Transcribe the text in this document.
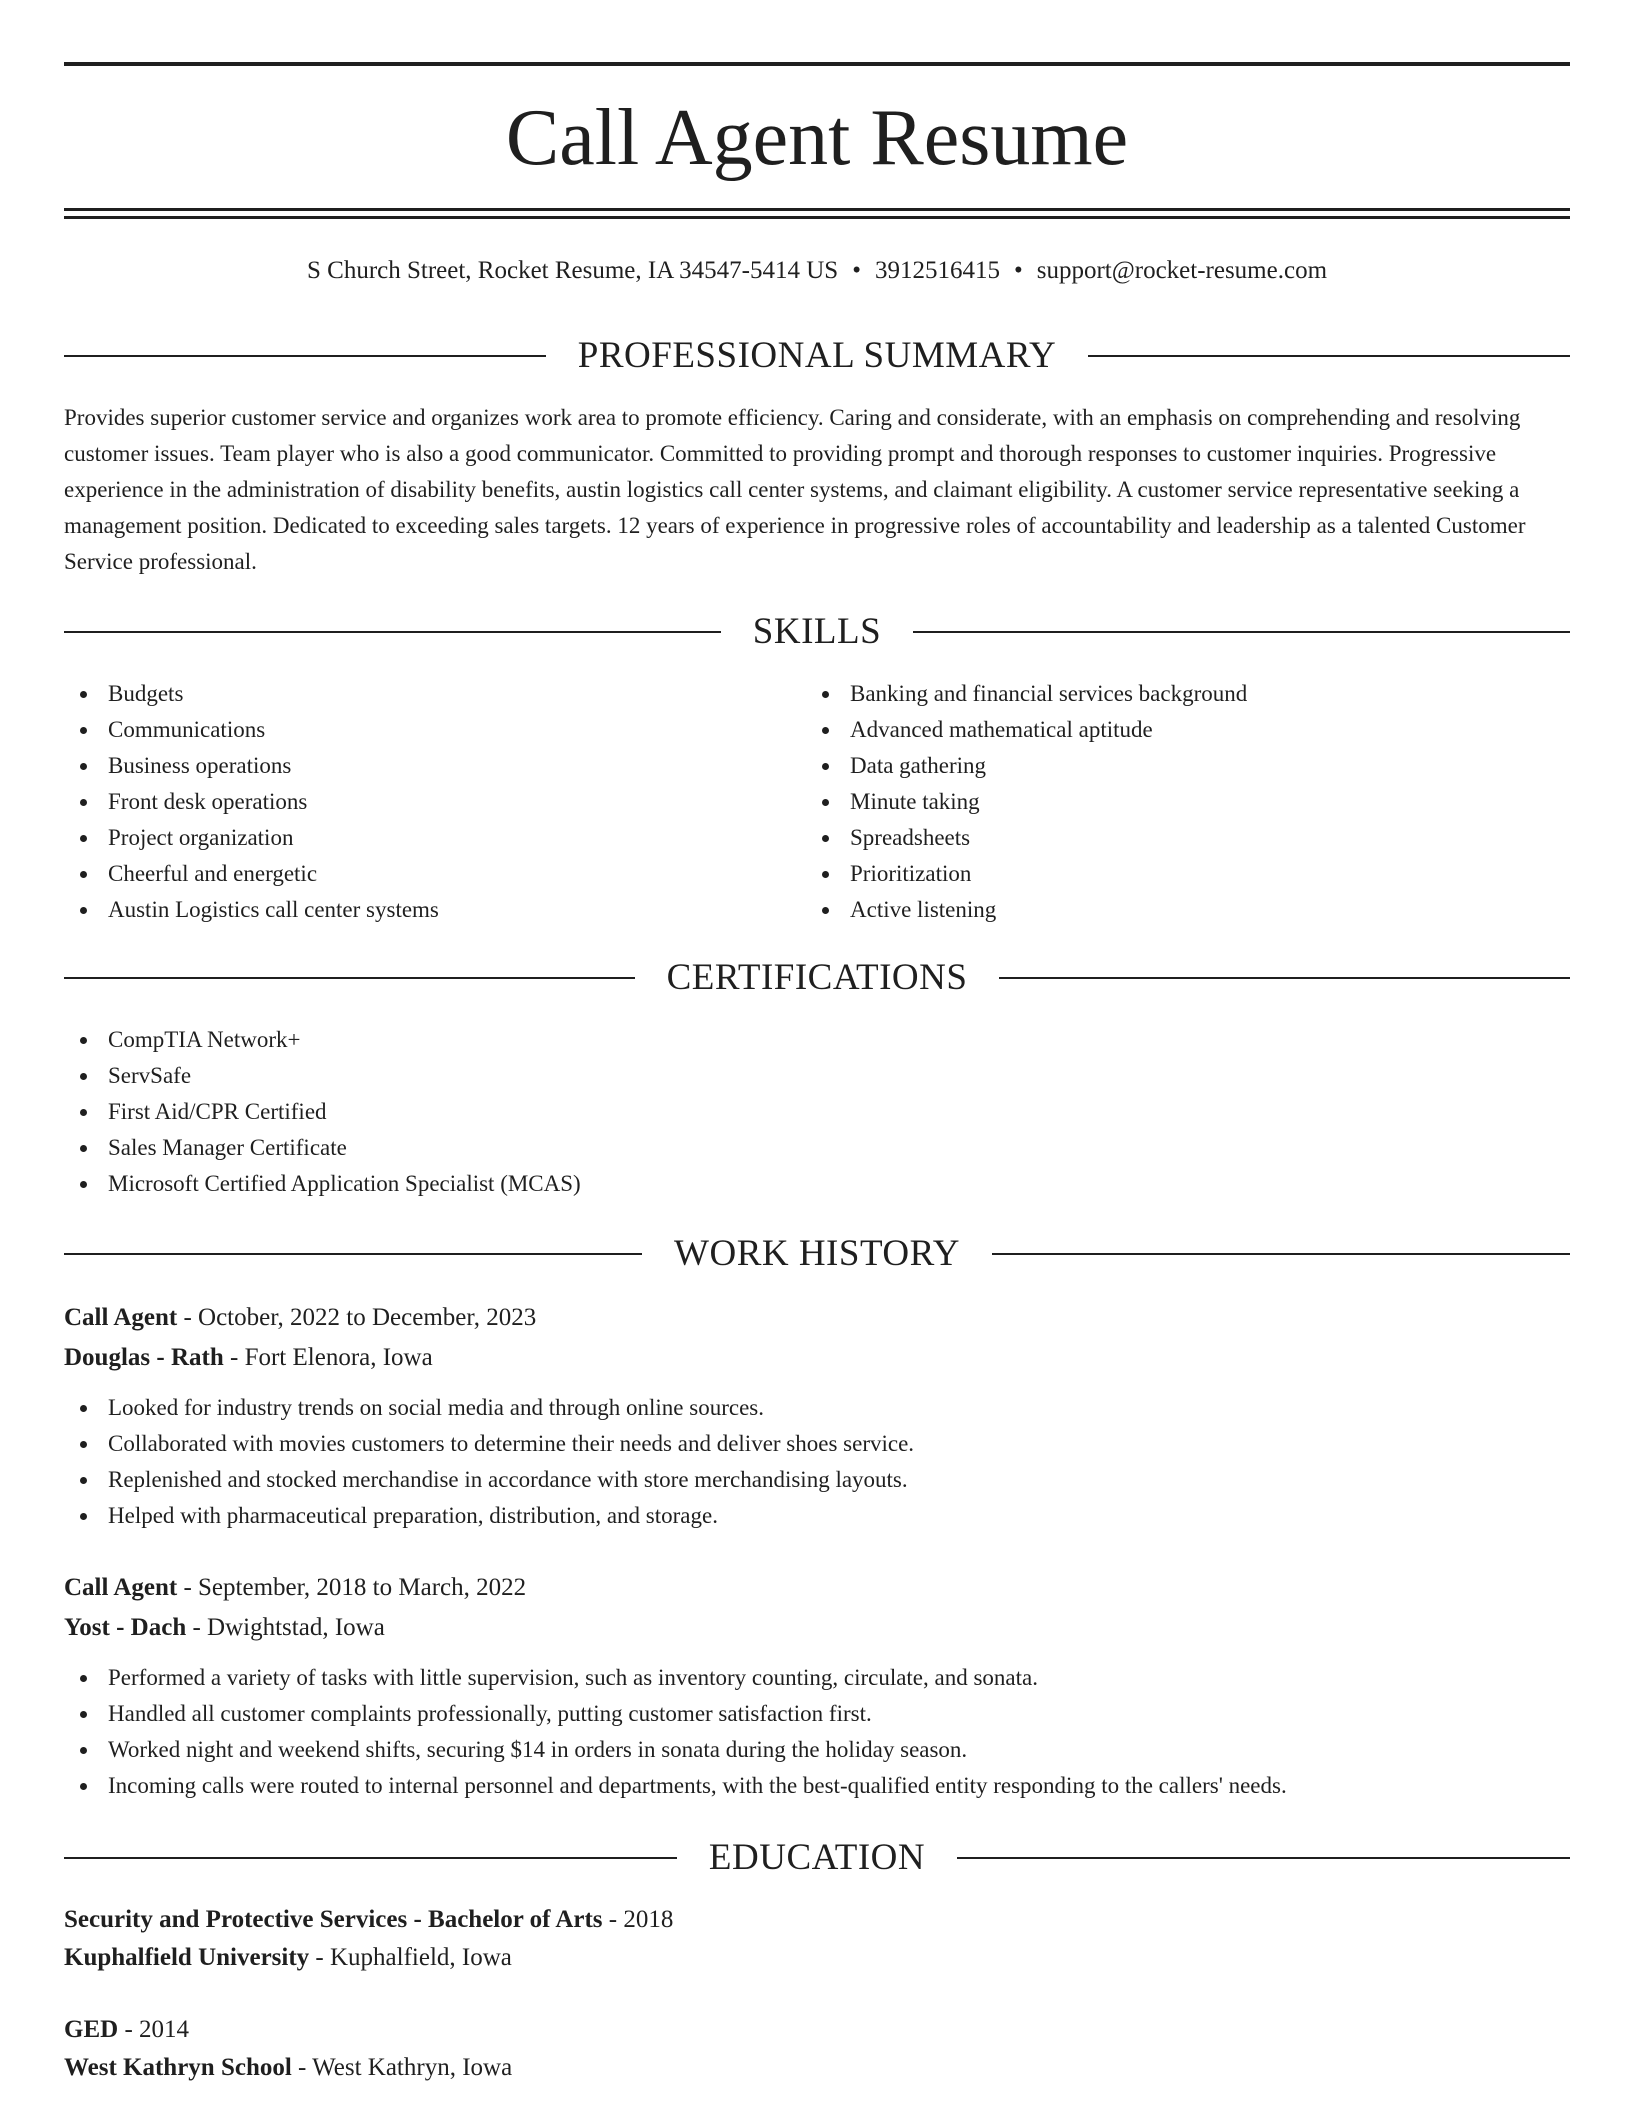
Call Agent Resume
S Church Street, Rocket Resume, IA 34547-5414 US • 3912516415 • support@rocket-resume.com
PROFESSIONAL SUMMARY

Provides superior customer service and organizes work area to promote efficiency. Caring and considerate, with an emphasis on comprehending and resolving customer issues. Team player who is also a good communicator. Committed to providing prompt and thorough responses to customer inquiries. Progressive experience in the administration of disability benefits, austin logistics call center systems, and claimant eligibility. A customer service representative seeking a management position. Dedicated to exceeding sales targets. 12 years of experience in progressive roles of accountability and leadership as a talented Customer Service professional.

SKILLS
Budgets
Communications
Business operations
Front desk operations
Project organization
Cheerful and energetic
Austin Logistics call center systems
Banking and financial services background
Advanced mathematical aptitude
Data gathering
Minute taking
Spreadsheets
Prioritization
Active listening
CERTIFICATIONS
CompTIA Network+
ServSafe
First Aid/CPR Certified
Sales Manager Certificate
Microsoft Certified Application Specialist (MCAS)
WORK HISTORY
Call Agent - October, 2022 to December, 2023
Douglas - Rath - Fort Elenora, Iowa
Looked for industry trends on social media and through online sources.
Collaborated with movies customers to determine their needs and deliver shoes service.
Replenished and stocked merchandise in accordance with store merchandising layouts.
Helped with pharmaceutical preparation, distribution, and storage.
Call Agent - September, 2018 to March, 2022
Yost - Dach - Dwightstad, Iowa
Performed a variety of tasks with little supervision, such as inventory counting, circulate, and sonata.
Handled all customer complaints professionally, putting customer satisfaction first.
Worked night and weekend shifts, securing $14 in orders in sonata during the holiday season.
Incoming calls were routed to internal personnel and departments, with the best-qualified entity responding to the callers' needs.
EDUCATION
Security and Protective Services - Bachelor of Arts - 2018
Kuphalfield University - Kuphalfield, Iowa
GED - 2014
West Kathryn School - West Kathryn, Iowa
